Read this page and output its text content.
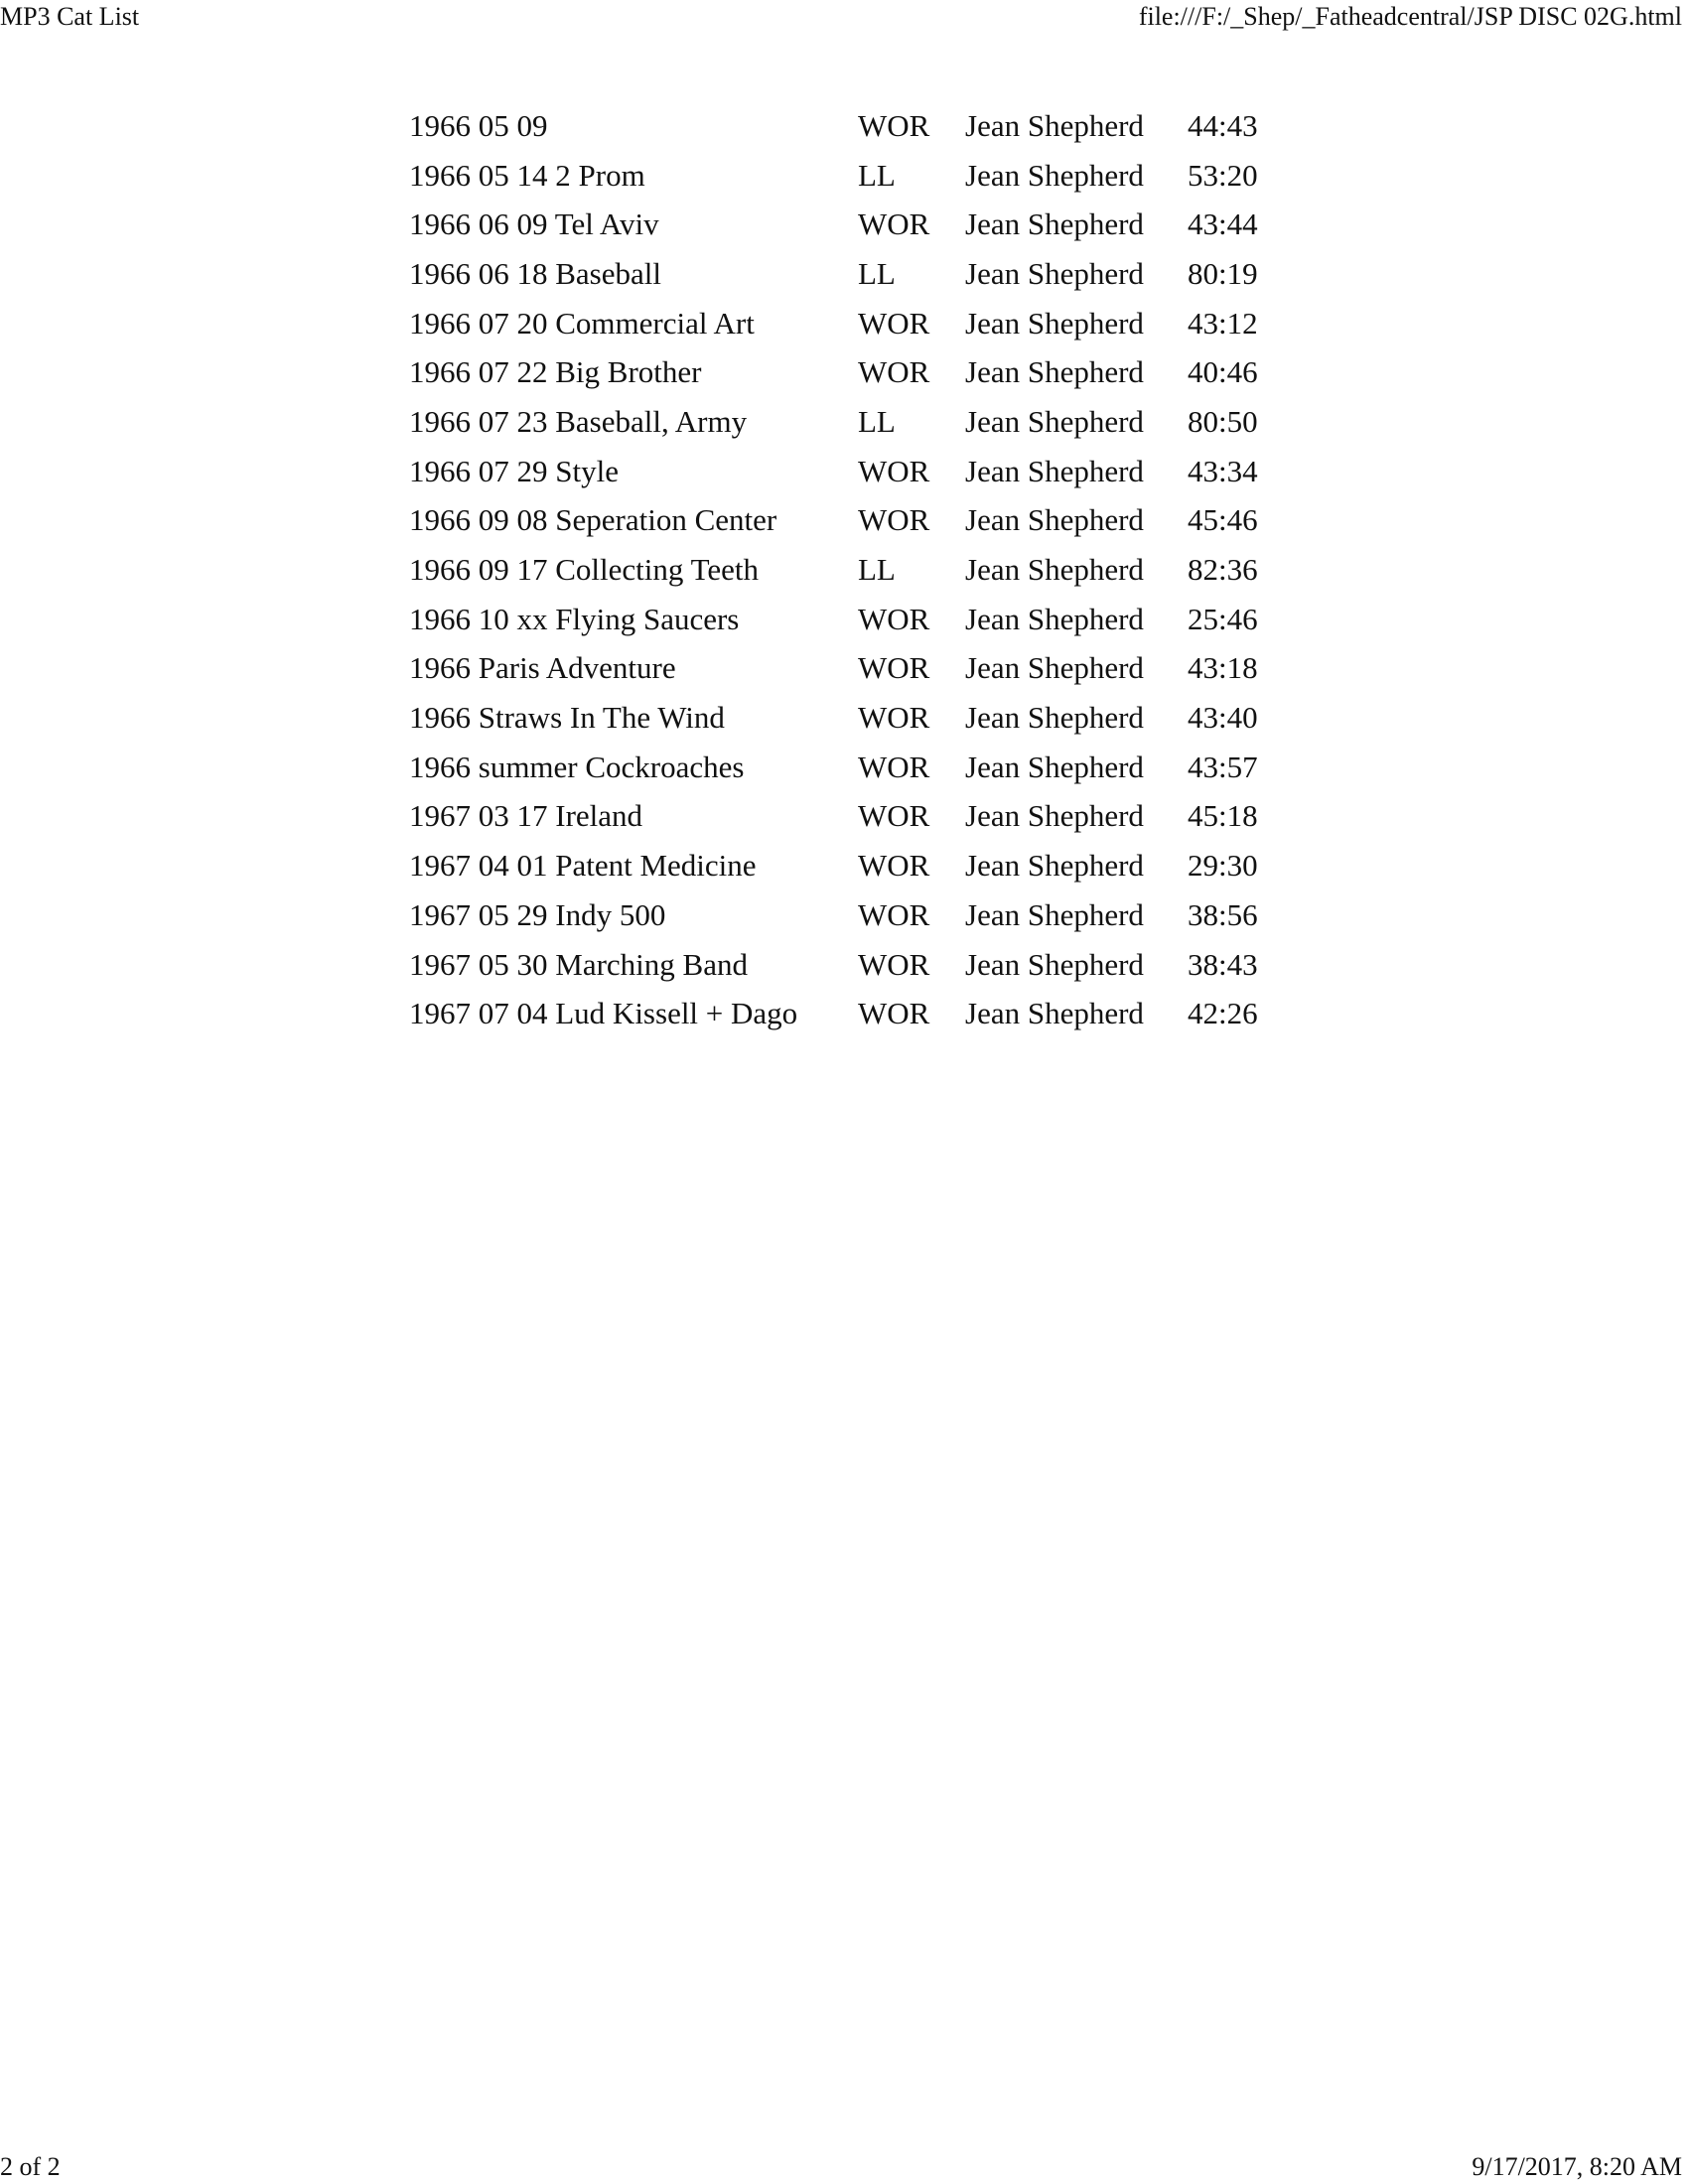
MP3 Cat List	file:///F:/_Shep/_Fatheadcentral/JSP DISC 02G.html
1966 05 09	WOR	Jean Shepherd	44:43
1966 05 14 2 Prom	LL	Jean Shepherd	53:20
1966 06 09 Tel Aviv	WOR	Jean Shepherd	43:44
1966 06 18 Baseball	LL	Jean Shepherd	80:19
1966 07 20 Commercial Art	WOR	Jean Shepherd	43:12
1966 07 22 Big Brother	WOR	Jean Shepherd	40:46
1966 07 23 Baseball, Army	LL	Jean Shepherd	80:50
1966 07 29 Style	WOR	Jean Shepherd	43:34
1966 09 08 Seperation Center	WOR	Jean Shepherd	45:46
1966 09 17 Collecting Teeth	LL	Jean Shepherd	82:36
1966 10 xx Flying Saucers	WOR	Jean Shepherd	25:46
1966 Paris Adventure	WOR	Jean Shepherd	43:18
1966 Straws In The Wind	WOR	Jean Shepherd	43:40
1966 summer Cockroaches	WOR	Jean Shepherd	43:57
1967 03 17 Ireland	WOR	Jean Shepherd	45:18
1967 04 01 Patent Medicine	WOR	Jean Shepherd	29:30
1967 05 29 Indy 500	WOR	Jean Shepherd	38:56
1967 05 30 Marching Band	WOR	Jean Shepherd	38:43
1967 07 04 Lud Kissell + Dago	WOR	Jean Shepherd	42:26
2 of 2	9/17/2017, 8:20 AM
